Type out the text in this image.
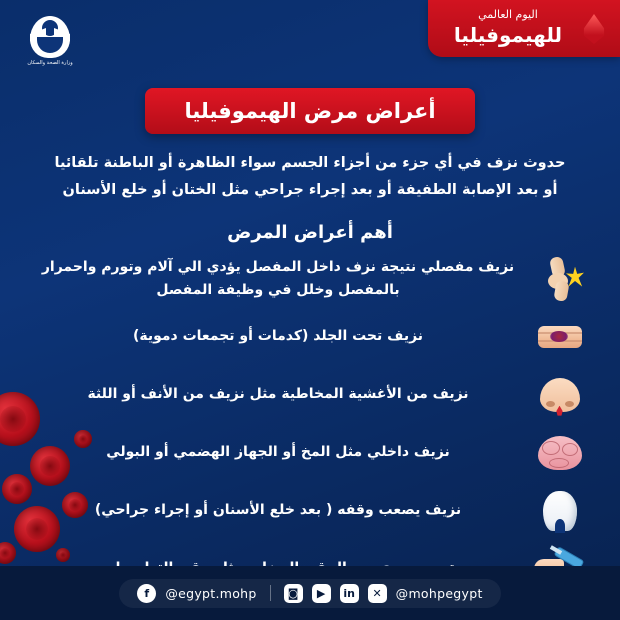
وزارة الصحة والسكان
اليوم العالمي
للهيموفيليا
أعراض مرض الهيموفيليا
حدوث نزف في أي جزء من أجزاء الجسم سواء الظاهرة أو الباطنة تلقائيا أو بعد الإصابة الطفيفة أو بعد إجراء جراحي مثل الختان أو خلع الأسنان
أهم أعراض المرض
نزيف مفصلي نتيجة نزف داخل المفصل يؤدي الي آلام وتورم واحمرار بالمفصل وخلل في وظيفة المفصل
نزيف تحت الجلد (كدمات أو تجمعات دموية)
نزيف من الأغشية المخاطية مثل نزيف من الأنف أو اللثة
نزيف داخلي مثل المخ أو الجهاز الهضمي أو البولي
نزيف يصعب وقفه ( بعد خلع الأسنان أو إجراء جراحي)
f	@egypt.mohp	◙	▶	in	✕	@mohpegypt
